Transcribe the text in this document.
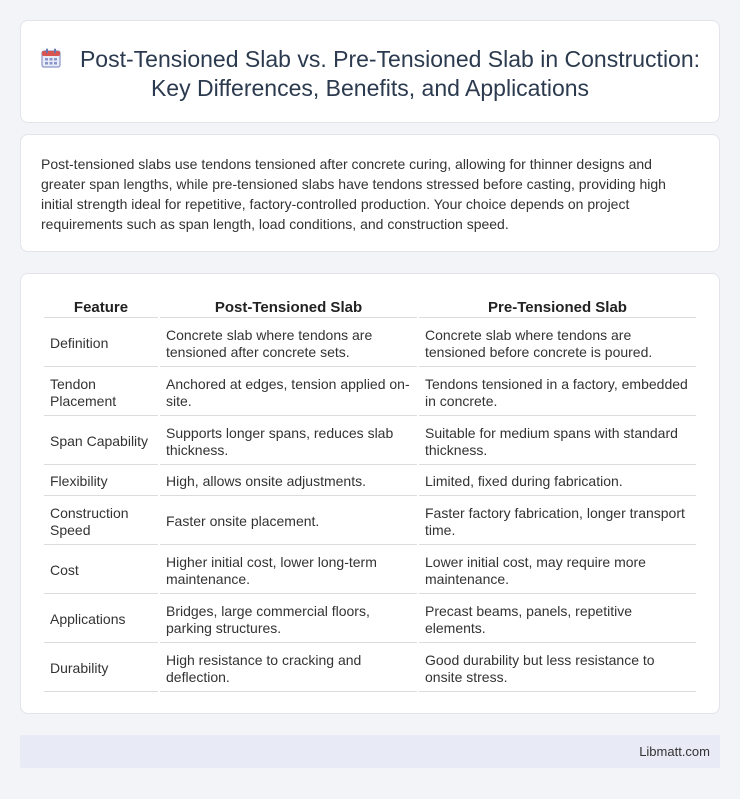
Post-Tensioned Slab vs. Pre-Tensioned Slab in Construction: Key Differences, Benefits, and Applications

Post-tensioned slabs use tendons tensioned after concrete curing, allowing for thinner designs and greater span lengths, while pre-tensioned slabs have tendons stressed before casting, providing high initial strength ideal for repetitive, factory-controlled production. Your choice depends on project requirements such as span length, load conditions, and construction speed.

Feature	Post-Tensioned Slab	Pre-Tensioned Slab
Definition	Concrete slab where tendons are tensioned after concrete sets.	Concrete slab where tendons are tensioned before concrete is poured.
Tendon Placement	Anchored at edges, tension applied on-site.	Tendons tensioned in a factory, embedded in concrete.
Span Capability	Supports longer spans, reduces slab thickness.	Suitable for medium spans with standard thickness.
Flexibility	High, allows onsite adjustments.	Limited, fixed during fabrication.
Construction Speed	Faster onsite placement.	Faster factory fabrication, longer transport time.
Cost	Higher initial cost, lower long-term maintenance.	Lower initial cost, may require more maintenance.
Applications	Bridges, large commercial floors, parking structures.	Precast beams, panels, repetitive elements.
Durability	High resistance to cracking and deflection.	Good durability but less resistance to onsite stress.
Libmatt.com
